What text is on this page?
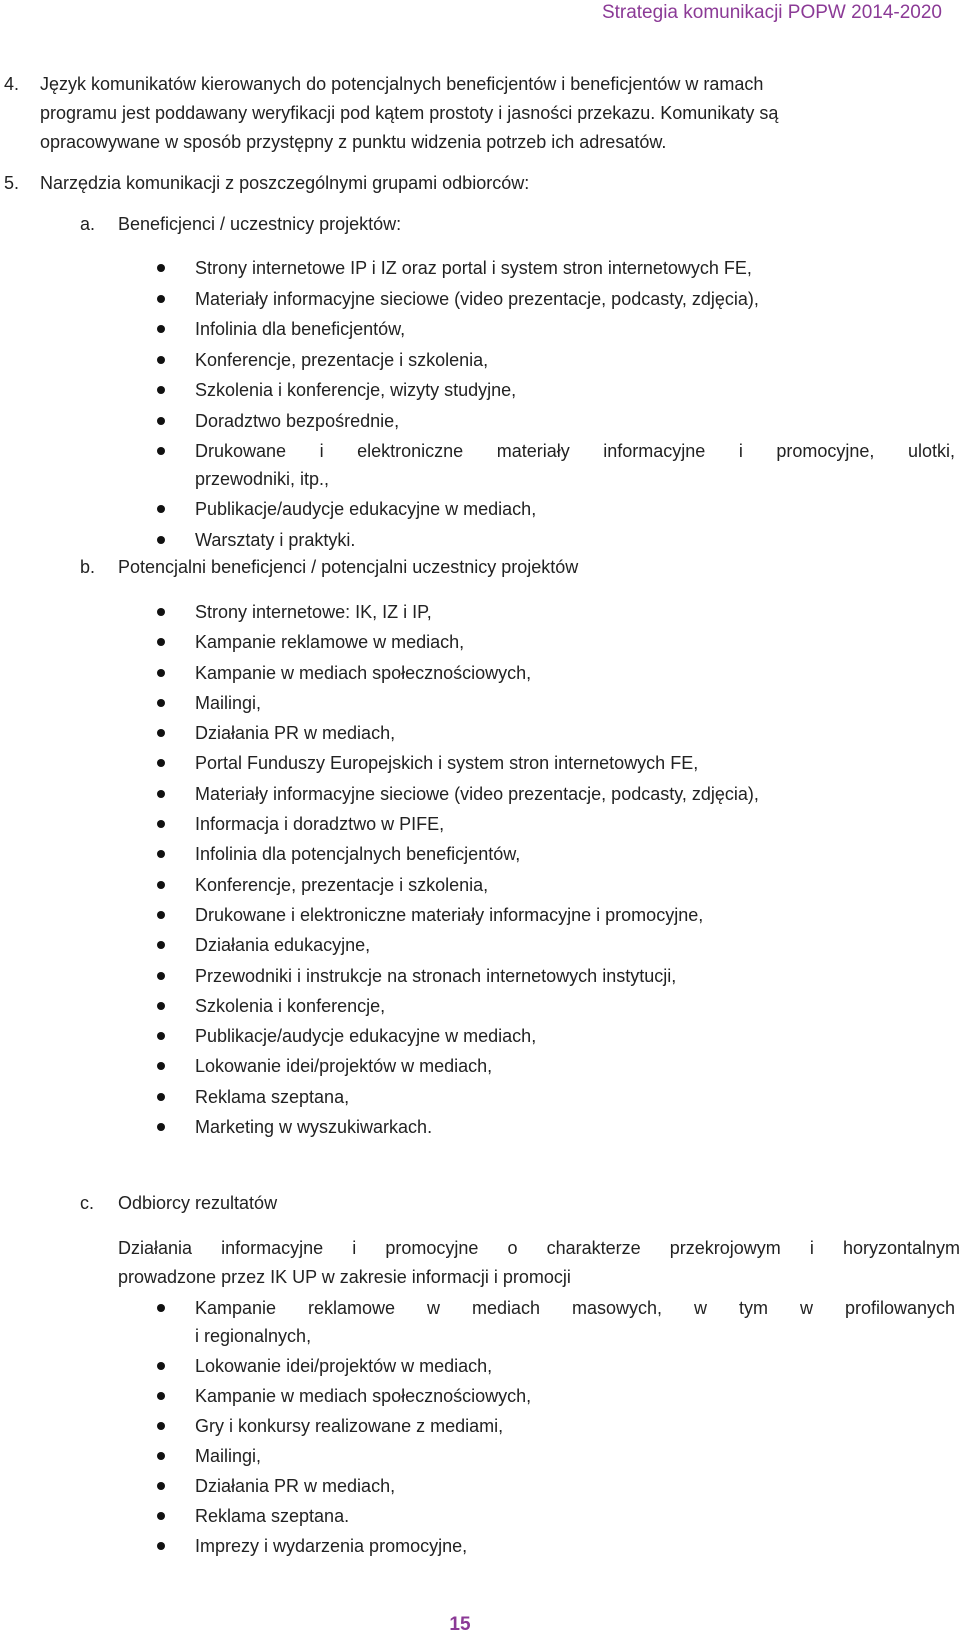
Strategia komunikacji POPW 2014-2020
4. Język komunikatów kierowanych do potencjalnych beneficjentów i beneficjentów w ramach
programu jest poddawany weryfikacji pod kątem prostoty i jasności przekazu. Komunikaty są
opracowywane w sposób przystępny z punktu widzenia potrzeb ich adresatów.
5. Narzędzia komunikacji z poszczególnymi grupami odbiorców:
a. Beneficjenci / uczestnicy projektów:
Strony internetowe IP i IZ oraz portal i system stron internetowych FE,
Materiały informacyjne sieciowe (video prezentacje, podcasty, zdjęcia),
Infolinia dla beneficjentów,
Konferencje, prezentacje i szkolenia,
Szkolenia i konferencje, wizyty studyjne,
Doradztwo bezpośrednie,
Drukowane i elektroniczne materiały informacyjne i promocyjne, ulotki,
przewodniki, itp.,
Publikacje/audycje edukacyjne w mediach,
Warsztaty i praktyki.
b. Potencjalni beneficjenci / potencjalni uczestnicy projektów
Strony internetowe: IK, IZ i IP,
Kampanie reklamowe w mediach,
Kampanie w mediach społecznościowych,
Mailingi,
Działania PR w mediach,
Portal Funduszy Europejskich i system stron internetowych FE,
Materiały informacyjne sieciowe (video prezentacje, podcasty, zdjęcia),
Informacja i doradztwo w PIFE,
Infolinia dla potencjalnych beneficjentów,
Konferencje, prezentacje i szkolenia,
Drukowane i elektroniczne materiały informacyjne i promocyjne,
Działania edukacyjne,
Przewodniki i instrukcje na stronach internetowych instytucji,
Szkolenia i konferencje,
Publikacje/audycje edukacyjne w mediach,
Lokowanie idei/projektów w mediach,
Reklama szeptana,
Marketing w wyszukiwarkach.
c. Odbiorcy rezultatów
Działania informacyjne i promocyjne o charakterze przekrojowym i horyzontalnym
prowadzone przez IK UP w zakresie informacji i promocji
Kampanie reklamowe w mediach masowych, w tym w profilowanych
i regionalnych,
Lokowanie idei/projektów w mediach,
Kampanie w mediach społecznościowych,
Gry i konkursy realizowane z mediami,
Mailingi,
Działania PR w mediach,
Reklama szeptana.
Imprezy i wydarzenia promocyjne,
15
